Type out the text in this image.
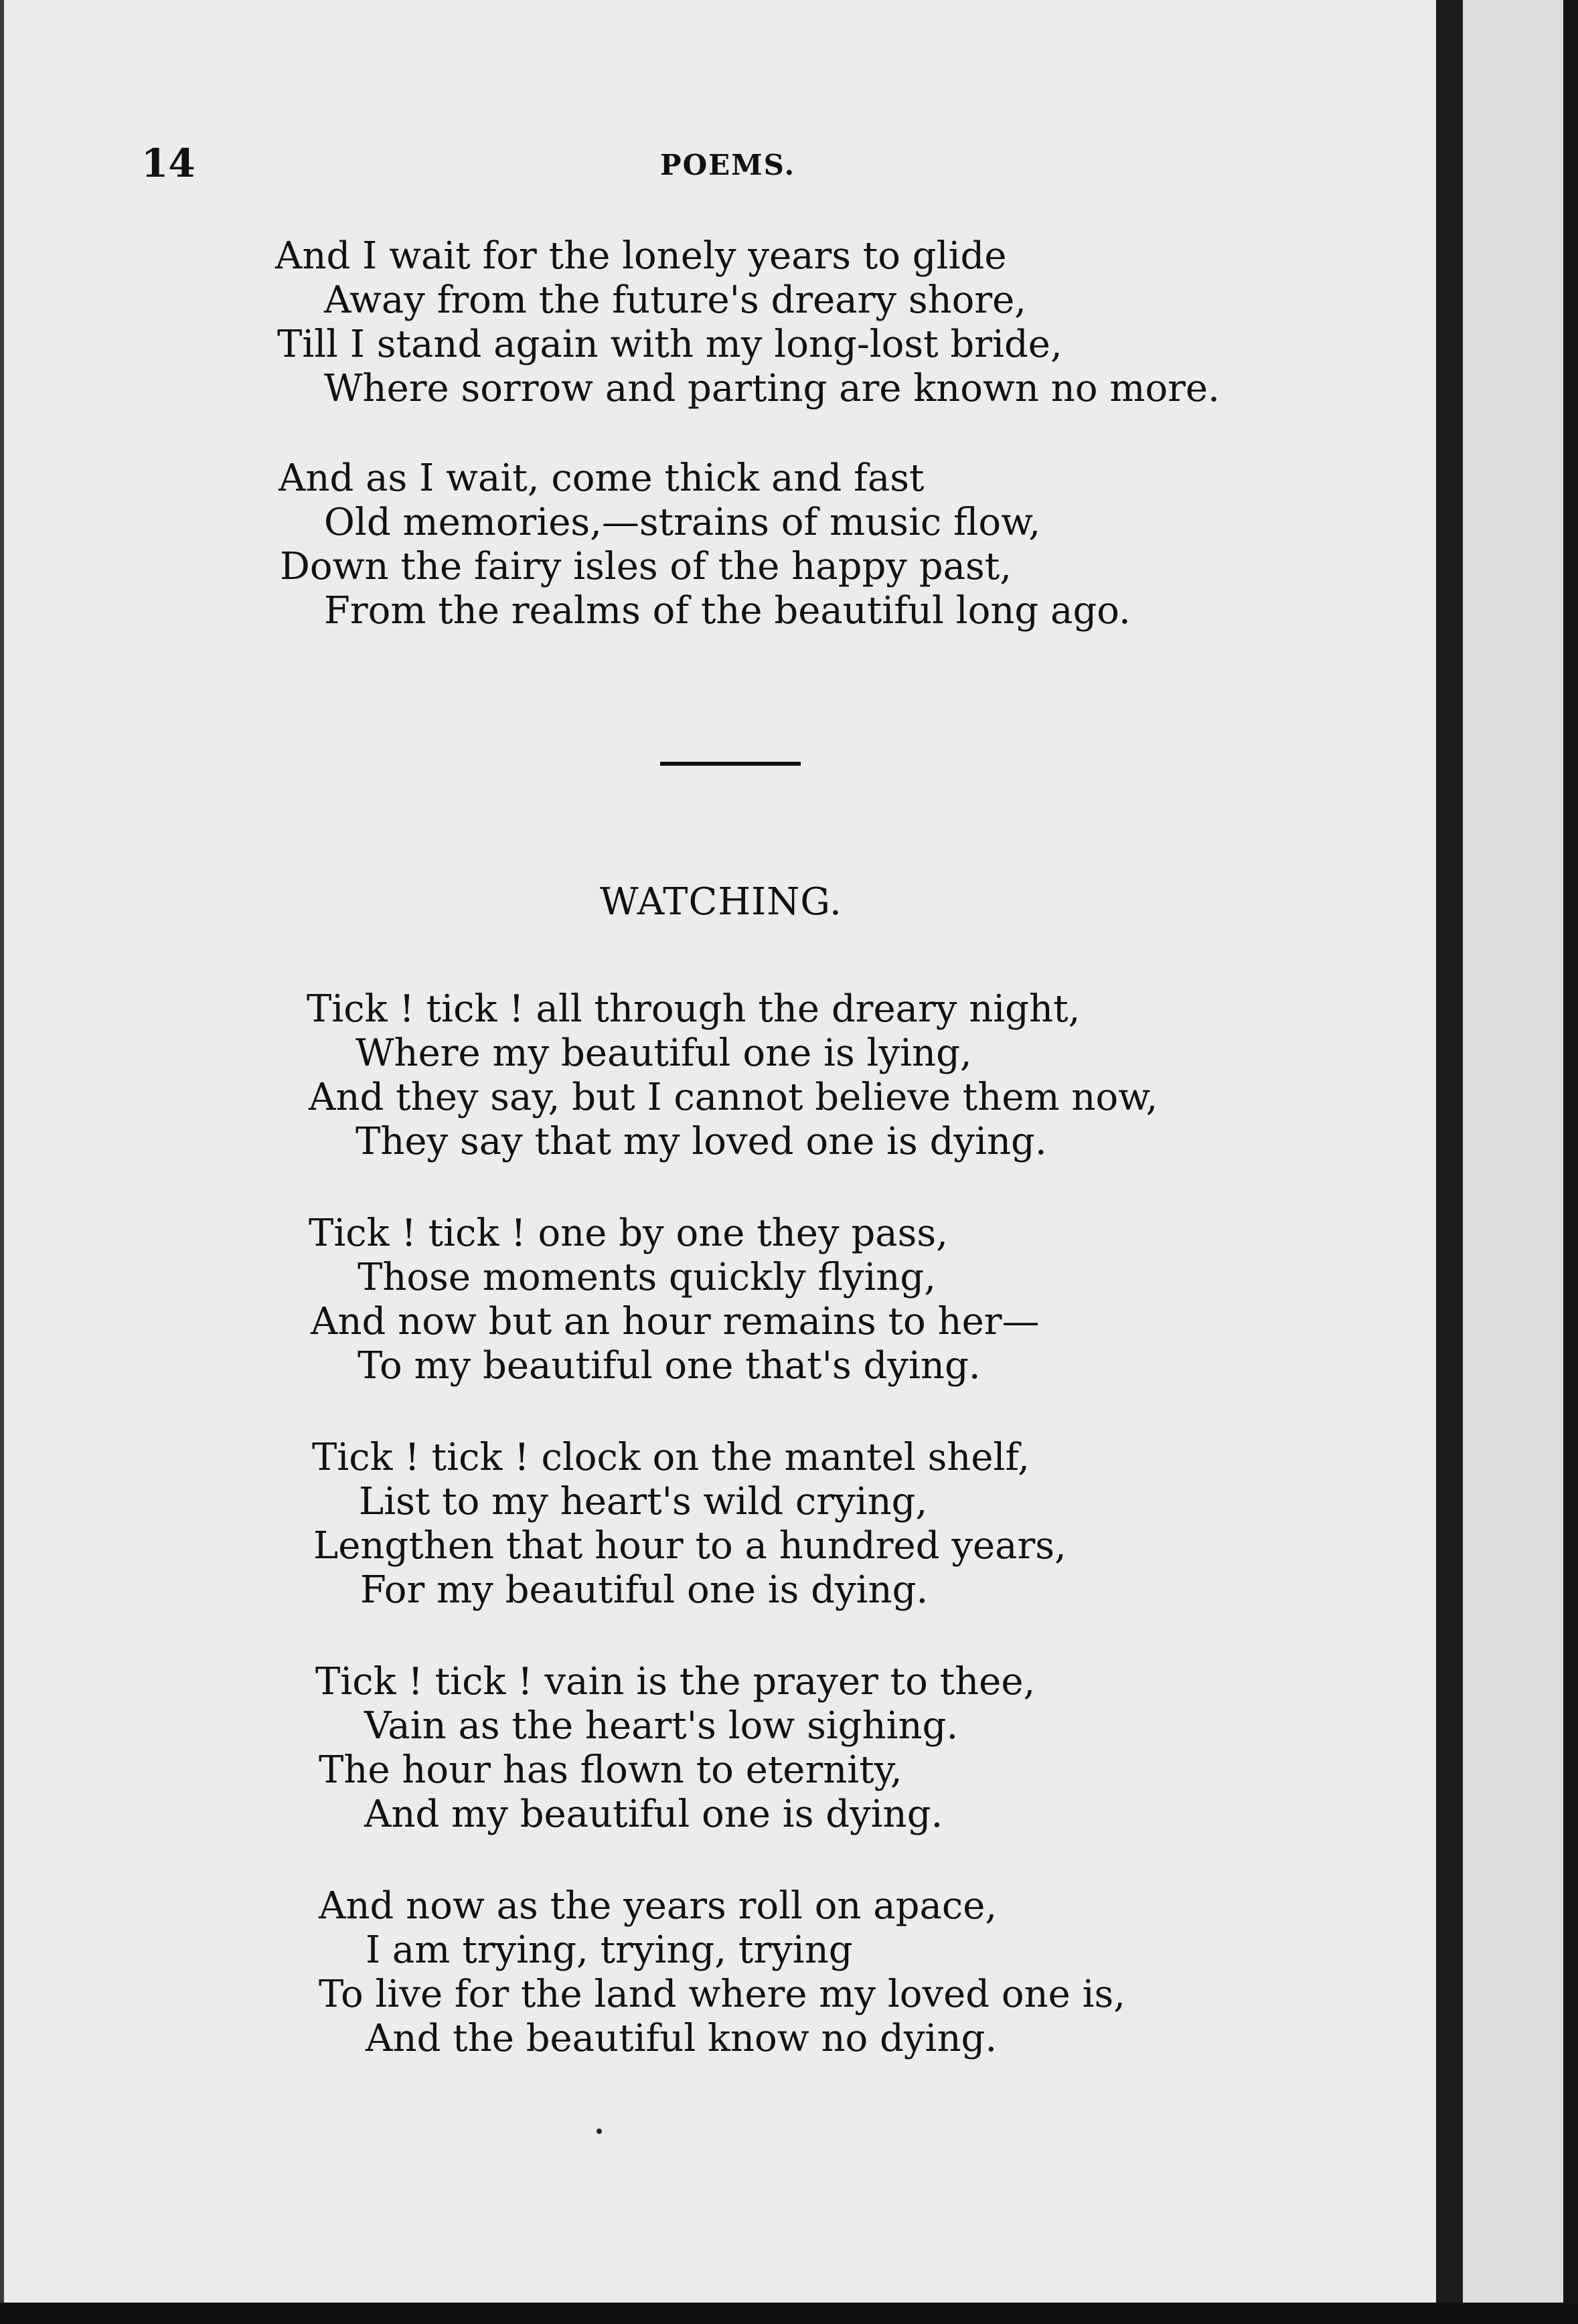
14	POEMS.
And I wait for the lonely years to glide
Away from the future's dreary shore,
Till I stand again with my long-lost bride,
Where sorrow and parting are known no more.
And as I wait, come thick and fast
Old memories,—strains of music flow,
Down the fairy isles of the happy past,
From the realms of the beautiful long ago.
WATCHING.
Tick ! tick ! all through the dreary night,
Where my beautiful one is lying,
And they say, but I cannot believe them now,
They say that my loved one is dying.
Tick ! tick ! one by one they pass,
Those moments quickly flying,
And now but an hour remains to her—
To my beautiful one that's dying.
Tick ! tick ! clock on the mantel shelf,
List to my heart's wild crying,
Lengthen that hour to a hundred years,
For my beautiful one is dying.
Tick ! tick ! vain is the prayer to thee,
Vain as the heart's low sighing.
The hour has flown to eternity,
And my beautiful one is dying.
And now as the years roll on apace,
I am trying, trying, trying
To live for the land where my loved one is,
And the beautiful know no dying.
